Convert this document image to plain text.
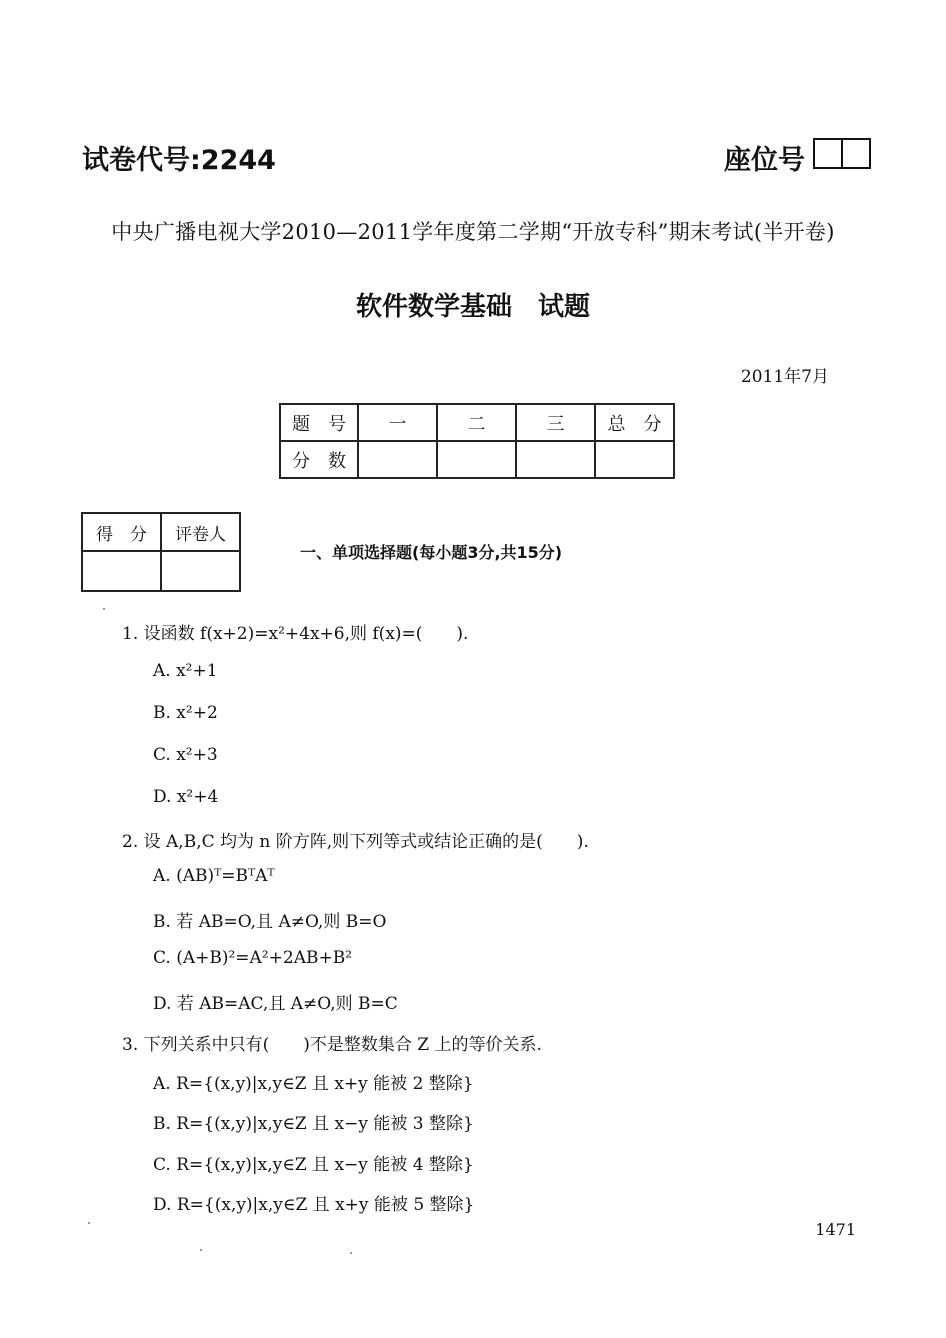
试卷代号:2244	座位号
中央广播电视大学2010—2011学年度第二学期“开放专科”期末考试(半开卷)
软件数学基础　试题
2011年7月
题　号	一	二	三	总　分
分　数				
得　分	评卷人

一、单项选择题(每小题3分,共15分)
1. 设函数 f(x+2)=x²+4x+6,则 f(x)=(　　).
A. x²+1
B. x²+2
C. x²+3
D. x²+4
2. 设 A,B,C 均为 n 阶方阵,则下列等式或结论正确的是(　　).
A. (AB)ᵀ=BᵀAᵀ
B. 若 AB=O,且 A≠O,则 B=O
C. (A+B)²=A²+2AB+B²
D. 若 AB=AC,且 A≠O,则 B=C
3. 下列关系中只有(　　)不是整数集合 Z 上的等价关系.
A. R={(x,y)|x,y∈Z 且 x+y 能被 2 整除}
B. R={(x,y)|x,y∈Z 且 x−y 能被 3 整除}
C. R={(x,y)|x,y∈Z 且 x−y 能被 4 整除}
D. R={(x,y)|x,y∈Z 且 x+y 能被 5 整除}
1471
